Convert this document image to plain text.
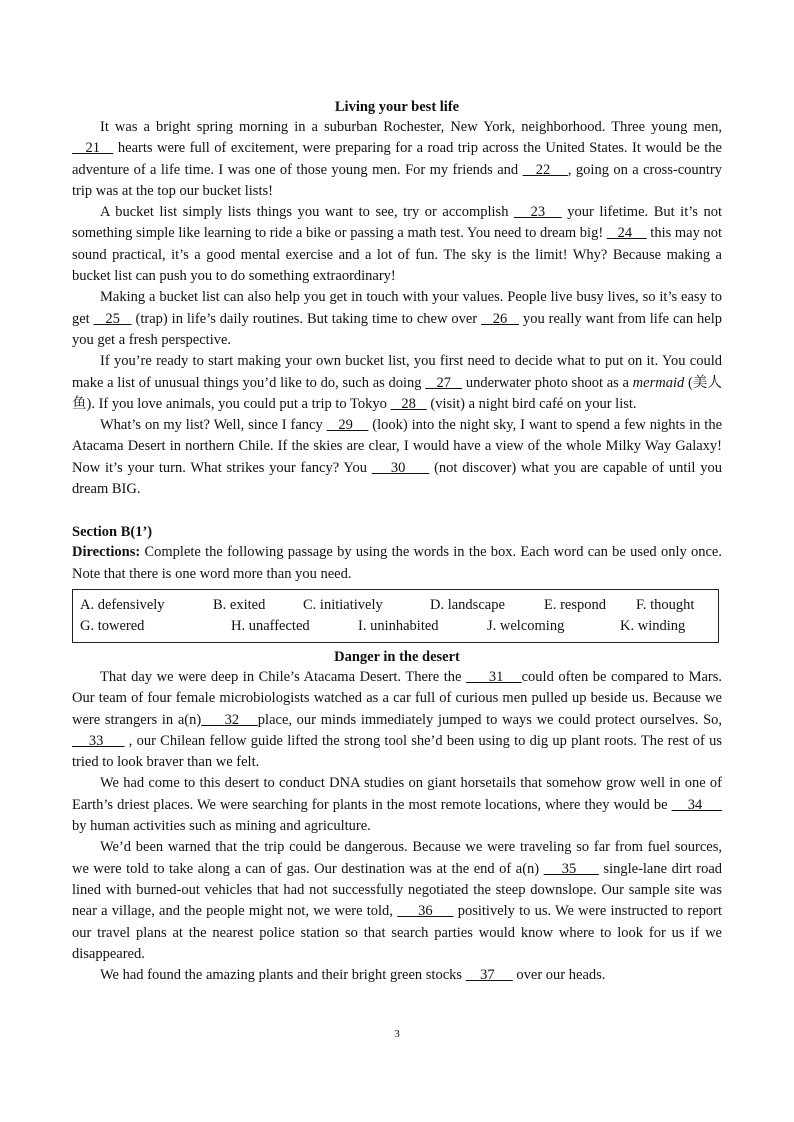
Living your best life

It was a bright spring morning in a suburban Rochester, New York, neighborhood. Three young men,    21    hearts were full of excitement, were preparing for a road trip across the United States. It would be the adventure of a life time. I was one of those young men. For my friends and    22    , going on a cross-country trip was at the top our bucket lists!

A bucket list simply lists things you want to see, try or accomplish    23    your lifetime. But it’s not something simple like learning to ride a bike or passing a math test. You need to dream big!    24     this may not sound practical, it’s a good mental exercise and a lot of fun. The sky is the limit! Why? Because making a bucket list can push you to do something extraordinary!

Making a bucket list can also help you get in touch with your values. People live busy lives, so it’s easy to get    25    (trap) in life’s daily routines. But taking time to chew over    26    you really want from life can help you get a fresh perspective.

If you’re ready to start making your own bucket list, you first need to decide what to put on it. You could make a list of unusual things you’d like to do, such as doing    27    underwater photo shoot as a mermaid (美人鱼). If you love animals, you could put a trip to Tokyo    28    (visit) a night bird café on your list.

What’s on my list? Well, since I fancy    29     (look) into the night sky, I want to spend a few nights in the Atacama Desert in northern Chile. If the skies are clear, I would have a view of the whole Milky Way Galaxy! Now it’s your turn. What strikes your fancy? You     30      (not discover) what you are capable of until you dream BIG.

Section B(1’)

Directions: Complete the following passage by using the words in the box. Each word can be used only once. Note that there is one word more than you need.

A. defensively	B. exited	C. initiatively	D. landscape	E. respond F. thought
G. towered	H. unaffected	I. uninhabited	J. welcoming	K. winding
Danger in the desert

That day we were deep in Chile’s Atacama Desert. There the      31    could often be compared to Mars. Our team of four female microbiologists watched as a car full of curious men pulled up beside us. Because we were strangers in a(n)     32    place, our minds immediately jumped to ways we could protect ourselves. So,     33      , our Chilean fellow guide lifted the strong tool she’d been using to dig up plant roots. The rest of us tried to look braver than we felt.

We had come to this desert to conduct DNA studies on giant horsetails that somehow grow well in one of Earth’s driest places. We were searching for plants in the most remote locations, where they would be     34      by human activities such as mining and agriculture.

We’d been warned that the trip could be dangerous. Because we were traveling so far from fuel sources, we were told to take along a can of gas. Our destination was at the end of a(n)     35      single-lane dirt road lined with burned-out vehicles that had not successfully negotiated the steep downslope. Our sample site was near a village, and the people might not, we were told,      36      positively to us. We were instructed to report our travel plans at the nearest police station so that search parties would know where to look for us if we disappeared.

We had found the amazing plants and their bright green stocks     37      over our heads.

3
